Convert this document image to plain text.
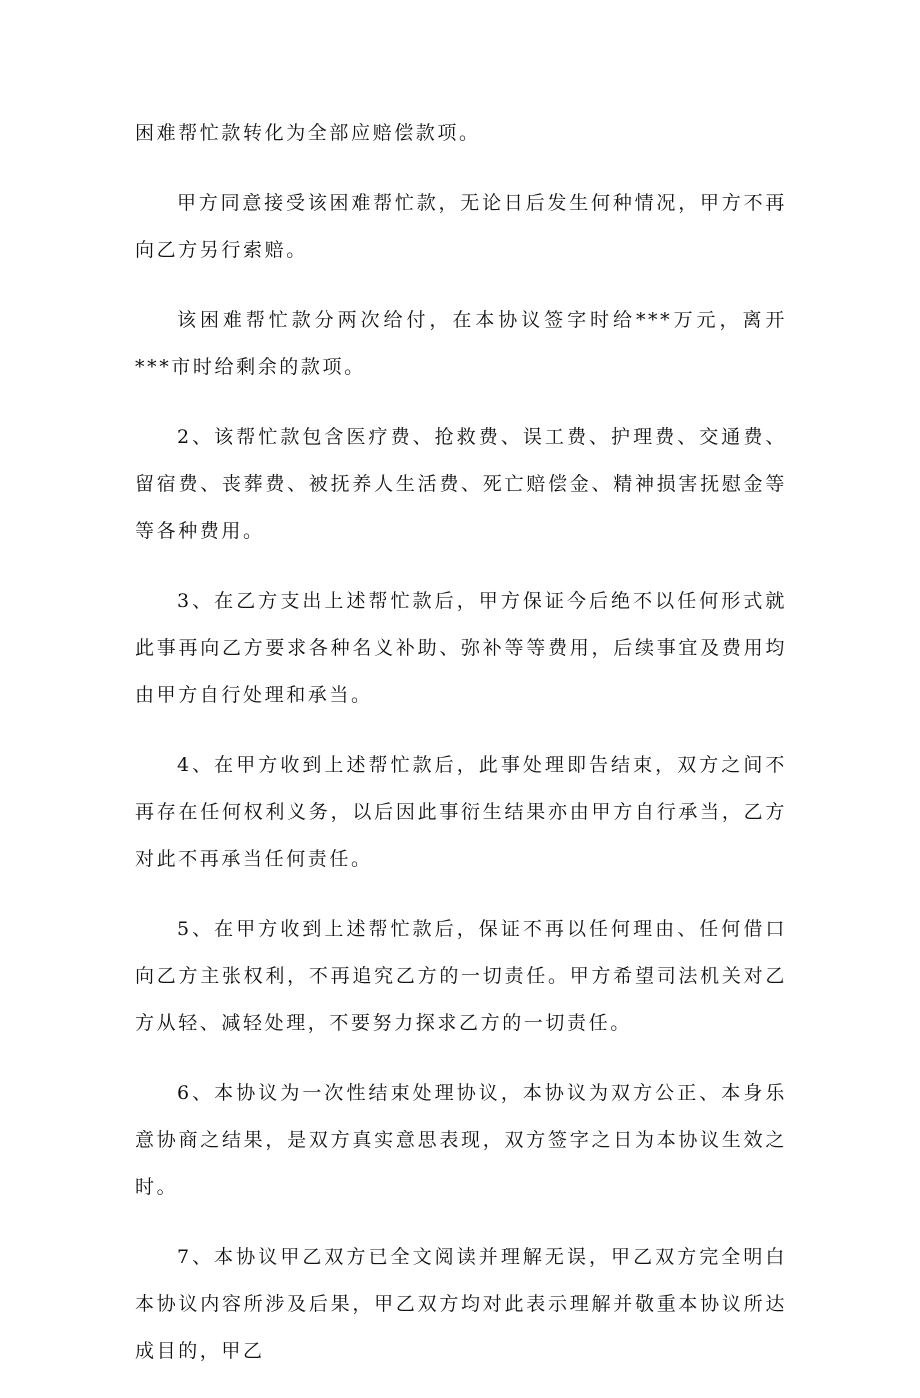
困难帮忙款转化为全部应赔偿款项。

甲方同意接受该困难帮忙款，无论日后发生何种情况，甲方不再向乙方另行索赔。

该困难帮忙款分两次给付，在本协议签字时给***万元，离开***市时给剩余的款项。

2、该帮忙款包含医疗费、抢救费、误工费、护理费、交通费、留宿费、丧葬费、被抚养人生活费、死亡赔偿金、精神损害抚慰金等等各种费用。

3、在乙方支出上述帮忙款后，甲方保证今后绝不以任何形式就此事再向乙方要求各种名义补助、弥补等等费用，后续事宜及费用均由甲方自行处理和承当。

4、在甲方收到上述帮忙款后，此事处理即告结束，双方之间不再存在任何权利义务，以后因此事衍生结果亦由甲方自行承当，乙方对此不再承当任何责任。

5、在甲方收到上述帮忙款后，保证不再以任何理由、任何借口向乙方主张权利，不再追究乙方的一切责任。甲方希望司法机关对乙方从轻、减轻处理，不要努力探求乙方的一切责任。

6、本协议为一次性结束处理协议，本协议为双方公正、本身乐意协商之结果，是双方真实意思表现，双方签字之日为本协议生效之时。

7、本协议甲乙双方已全文阅读并理解无误，甲乙双方完全明白本协议内容所涉及后果，甲乙双方均对此表示理解并敬重本协议所达成目的，甲乙
